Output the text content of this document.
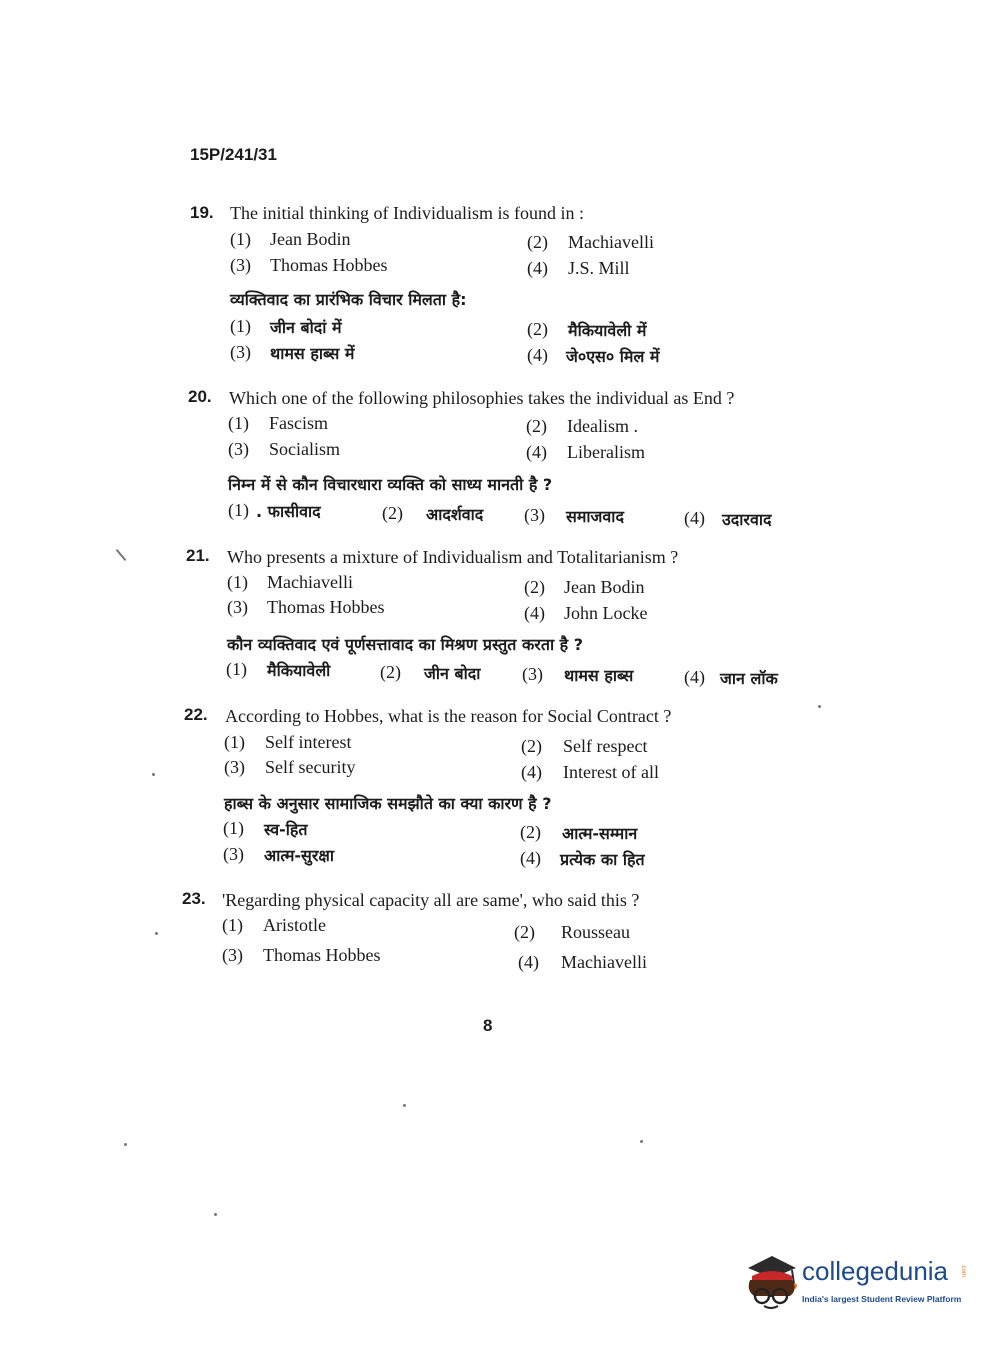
15P/241/31
19. The initial thinking of Individualism is found in :
(1) Jean Bodin	(2) Machiavelli
(3) Thomas Hobbes	(4) J.S. Mill
व्यक्तिवाद का प्रारंभिक विचार मिलता है:
(1) जीन बोदां में	(2) मैकियावेली में
(3) थामस हाब्स में	(4) जे०एस० मिल में
20. Which one of the following philosophies takes the individual as End ?
(1) Fascism	(2) Idealism .
(3) Socialism	(4) Liberalism
निम्न में से कौन विचारधारा व्यक्ति को साध्य मानती है ?
(1) . फासीवाद	(2) आदर्शवाद (3) समाजवाद	(4) उदारवाद
21. Who presents a mixture of Individualism and Totalitarianism ?
(1) Machiavelli	(2) Jean Bodin
(3) Thomas Hobbes	(4) John Locke
कौन व्यक्तिवाद एवं पूर्णसत्तावाद का मिश्रण प्रस्तुत करता है ?
(1) मैकियावेली	(2) जीन बोदा (3) थामस हाब्स	(4) जान लॉक
22. According to Hobbes, what is the reason for Social Contract ?
(1) Self interest	(2) Self respect
(3) Self security	(4) Interest of all
हाब्स के अनुसार सामाजिक समझौते का क्या कारण है ?
(1) स्व-हित	(2) आत्म-सम्मान
(3) आत्म-सुरक्षा	(4) प्रत्येक का हित
23. 'Regarding physical capacity all are same', who said this ?
(1) Aristotle	(2) Rousseau
(3) Thomas Hobbes	(4) Machiavelli
8
collegedunia .com
India's largest Student Review Platform
